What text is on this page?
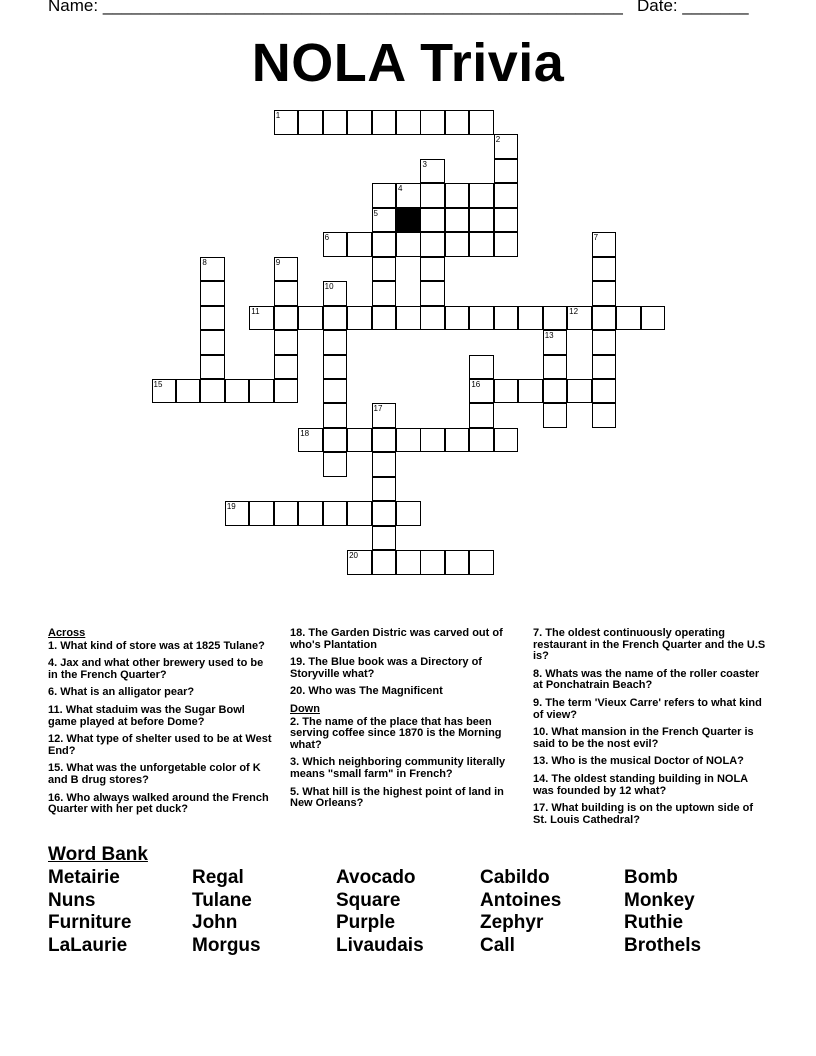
Name: _______________________________________________________ Date: _______
NOLA Trivia
1
2
3
4
5
6	7
8	9
10
11	12
13
16
15
17
18
19
20
Across
1. What kind of store was at 1825 Tulane?
4. Jax and what other brewery used to be in the French Quarter?
6. What is an alligator pear?
11. What staduim was the Sugar Bowl game played at before Dome?
12. What type of shelter used to be at West End?
15. What was the unforgetable color of K and B drug stores?
16. Who always walked around the French Quarter with her pet duck?
18. The Garden Distric was carved out of who's Plantation
19. The Blue book was a Directory of Storyville what?
20. Who was The Magnificent
Down
2. The name of the place that has been serving coffee since 1870 is the Morning what?
3. Which neighboring community literally means "small farm" in French?
5. What hill is the highest point of land in New Orleans?
7. The oldest continuously operating restaurant in the French Quarter and the U.S is?
8. Whats was the name of the roller coaster at Ponchatrain Beach?
9. The term 'Vieux Carre' refers to what kind of view?
10. What mansion in the French Quarter is said to be the nost evil?
13. Who is the musical Doctor of NOLA?
14. The oldest standing building in NOLA was founded by 12 what?
17. What building is on the uptown side of St. Louis Cathedral?
Word Bank
Metairie	Regal	Avocado	Cabildo	Bomb
Nuns	Tulane	Square	Antoines	Monkey
Furniture	John	Purple	Zephyr	Ruthie
LaLaurie	Morgus	Livaudais	Call	Brothels
